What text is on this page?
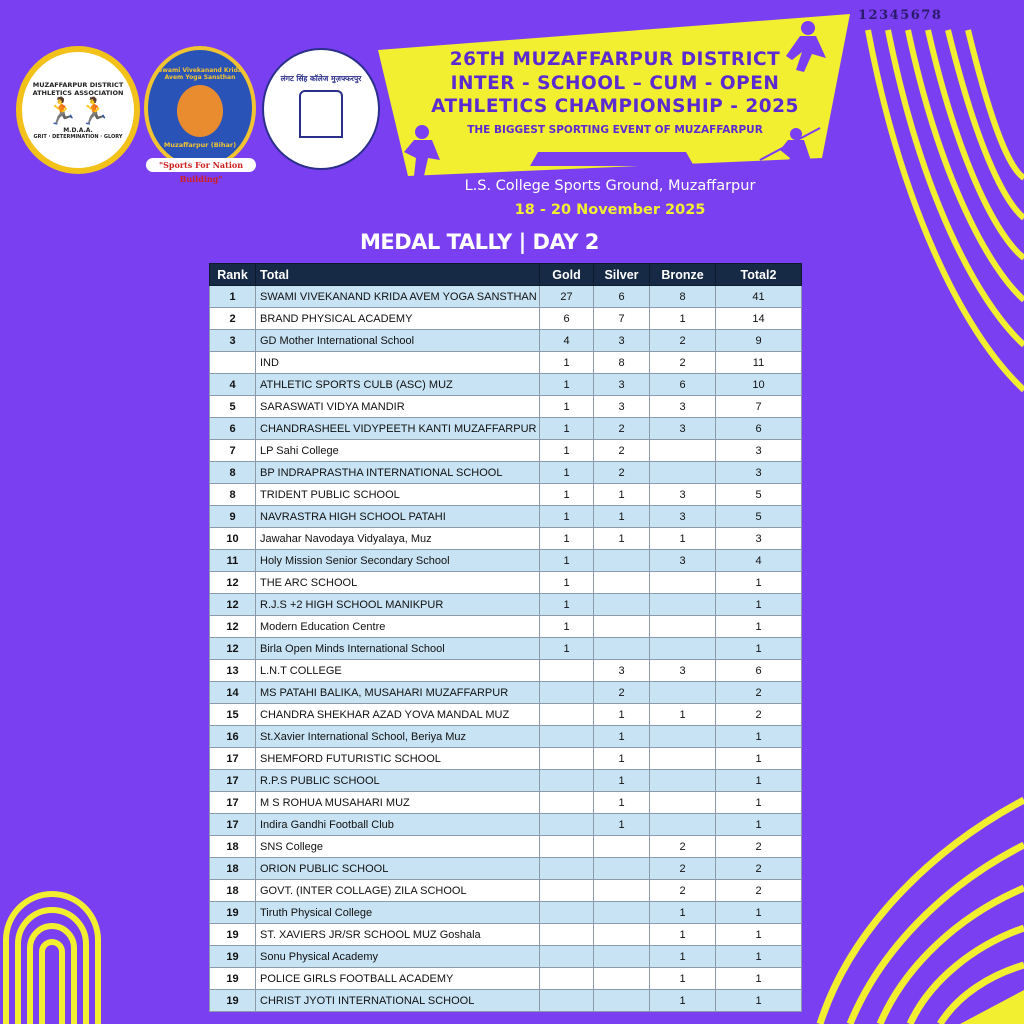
MUZAFFARPUR DISTRICT ATHLETICS ASSOCIATION
🏃🏃
M.D.A.A.
GRIT · DETERMINATION · GLORY
Swami Vivekanand Krida Avem Yoga Sansthan
Muzaffarpur (Bihar)
"Sports For Nation Building"
लंगट सिंह कॉलेज मुज़फ्फरपुर
12345678
26TH MUZAFFARPUR DISTRICT
INTER - SCHOOL – CUM - OPEN
ATHLETICS CHAMPIONSHIP - 2025
THE BIGGEST SPORTING EVENT OF MUZAFFARPUR
L.S. College Sports Ground, Muzaffarpur
18 - 20 November 2025
MEDAL TALLY | DAY 2
Rank	Total	Gold	Silver	Bronze	Total2
1	SWAMI VIVEKANAND KRIDA AVEM YOGA SANSTHAN	27	6	8	41
2	BRAND PHYSICAL ACADEMY	6	7	1	14
3	GD Mother International School	4	3	2	9
	IND	1	8	2	11
4	ATHLETIC SPORTS CULB (ASC) MUZ	1	3	6	10
5	SARASWATI VIDYA MANDIR	1	3	3	7
6	CHANDRASHEEL VIDYPEETH KANTI MUZAFFARPUR	1	2	3	6
7	LP Sahi College	1	2		3
8	BP INDRAPRASTHA INTERNATIONAL SCHOOL	1	2		3
8	TRIDENT PUBLIC SCHOOL	1	1	3	5
9	NAVRASTRA HIGH SCHOOL PATAHI	1	1	3	5
10	Jawahar Navodaya Vidyalaya, Muz	1	1	1	3
11	Holy Mission Senior Secondary School	1		3	4
12	THE ARC SCHOOL	1			1
12	R.J.S +2 HIGH SCHOOL MANIKPUR	1			1
12	Modern Education Centre	1			1
12	Birla Open Minds International School	1			1
13	L.N.T COLLEGE		3	3	6
14	MS PATAHI BALIKA, MUSAHARI MUZAFFARPUR		2		2
15	CHANDRA SHEKHAR AZAD YOVA MANDAL MUZ		1	1	2
16	St.Xavier International School, Beriya Muz		1		1
17	SHEMFORD FUTURISTIC SCHOOL		1		1
17	R.P.S PUBLIC SCHOOL		1		1
17	M S ROHUA MUSAHARI MUZ		1		1
17	Indira Gandhi Football Club		1		1
18	SNS College			2	2
18	ORION PUBLIC SCHOOL			2	2
18	GOVT. (INTER COLLAGE) ZILA SCHOOL			2	2
19	Tiruth Physical College			1	1
19	ST. XAVIERS JR/SR SCHOOL MUZ Goshala			1	1
19	Sonu Physical Academy			1	1
19	POLICE GIRLS FOOTBALL ACADEMY			1	1
19	CHRIST JYOTI INTERNATIONAL SCHOOL			1	1
